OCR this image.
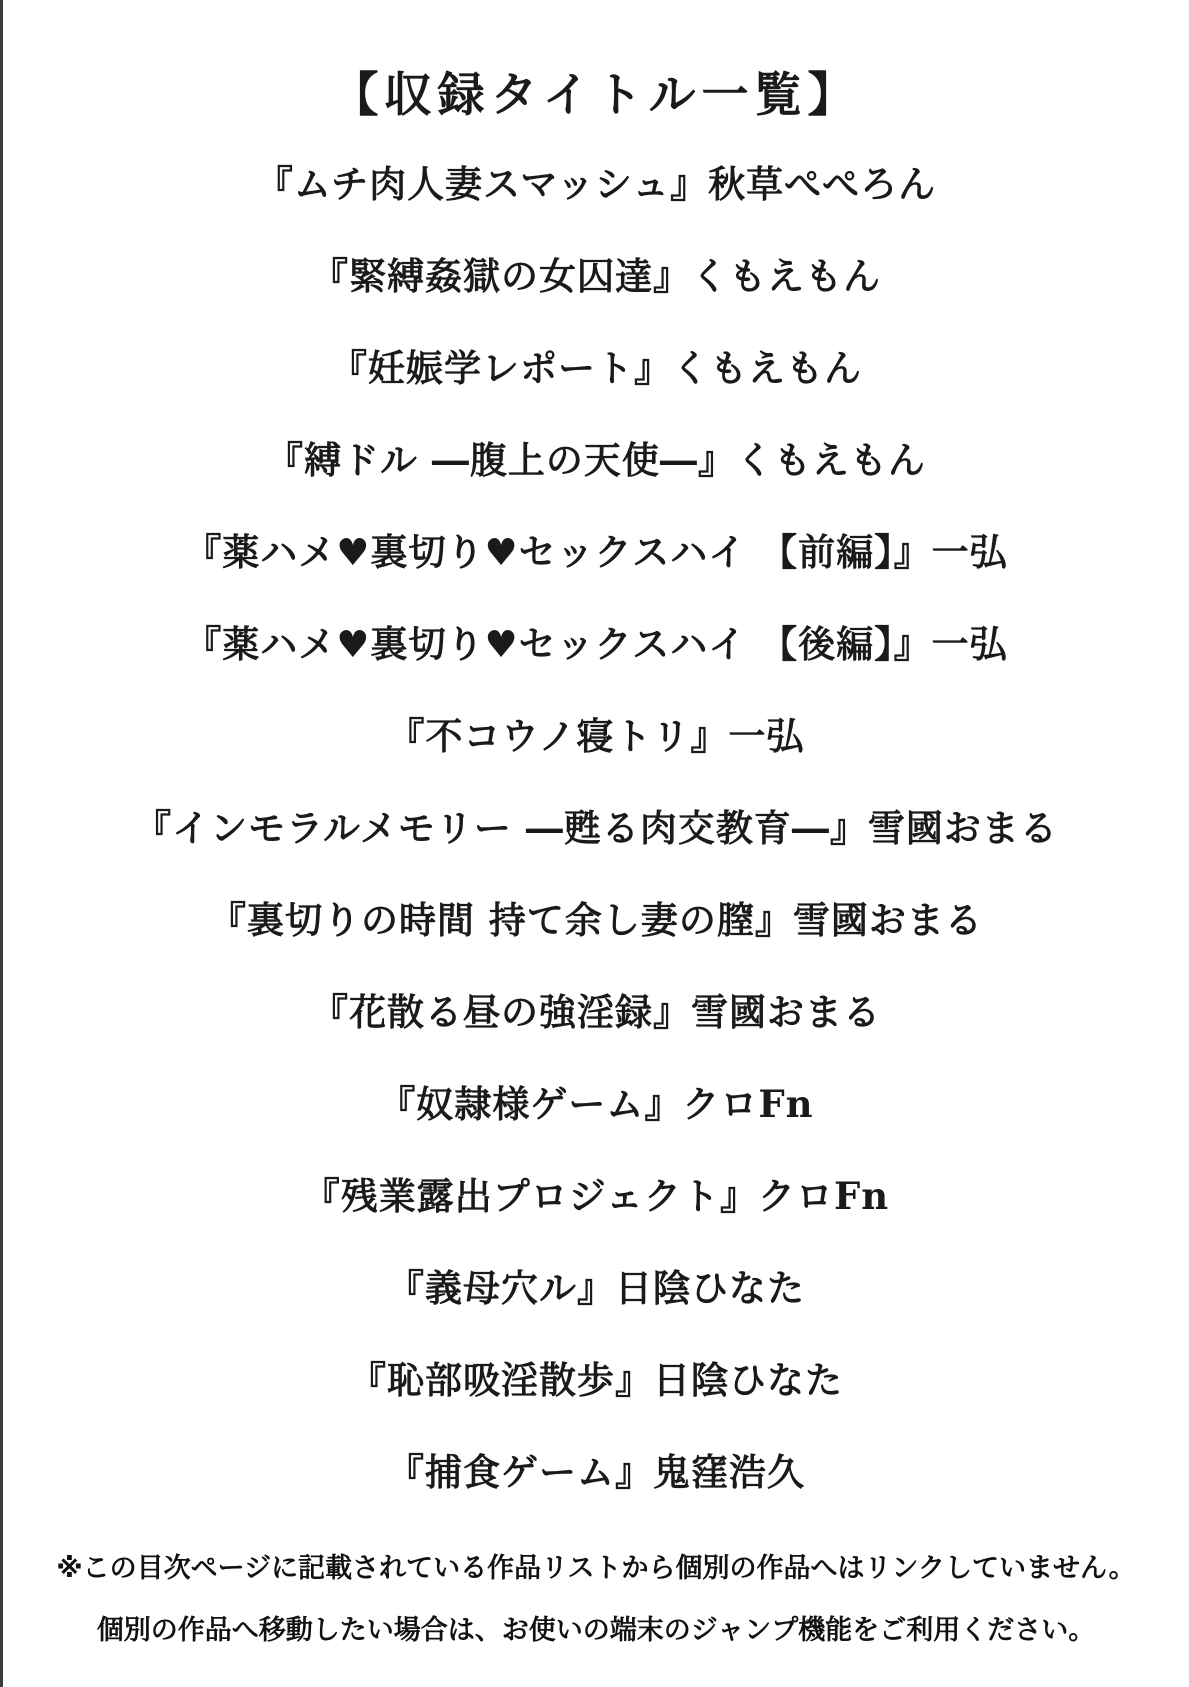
【収録タイトル一覧】
『ムチ肉人妻スマッシュ』秋草ぺぺろん
『緊縛姦獄の女囚達』くもえもん
『妊娠学レポート』くもえもん
『縛ドル ―腹上の天使―』くもえもん
『薬ハメ♥裏切り♥セックスハイ 【前編】』一弘
『薬ハメ♥裏切り♥セックスハイ 【後編】』一弘
『不コウノ寝トリ』一弘
『インモラルメモリー ―甦る肉交教育―』雪國おまる
『裏切りの時間 持て余し妻の膣』雪國おまる
『花散る昼の強淫録』雪國おまる
『奴隷様ゲーム』クロFn
『残業露出プロジェクト』クロFn
『義母穴ル』日陰ひなた
『恥部吸淫散歩』日陰ひなた
『捕食ゲーム』鬼窪浩久

※この目次ページに記載されている作品リストから個別の作品へはリンクしていません。

個別の作品へ移動したい場合は、お使いの端末のジャンプ機能をご利用ください。
